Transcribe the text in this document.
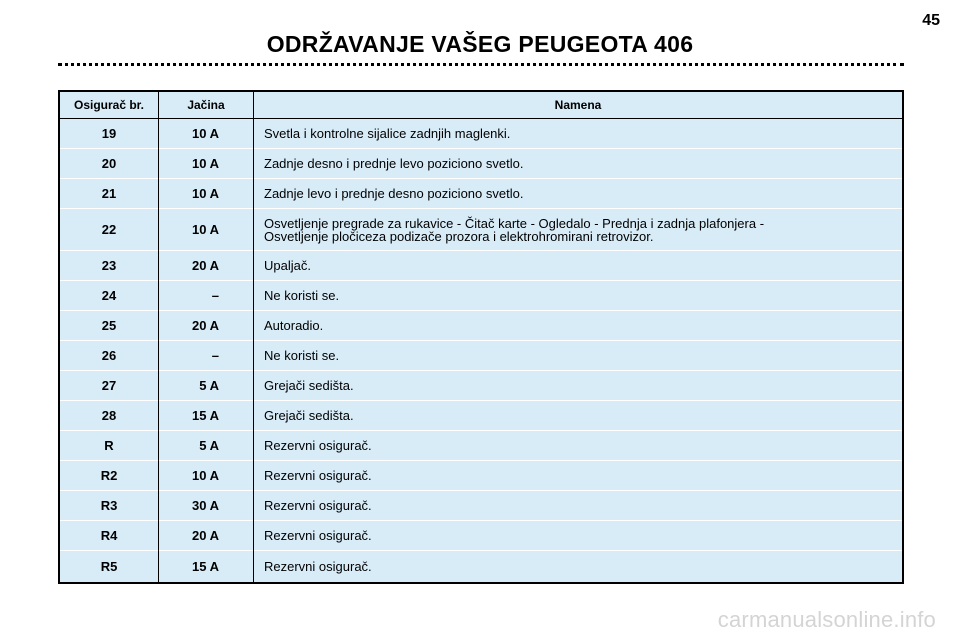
45
ODRŽAVANJE VAŠEG PEUGEOTA 406
Osigurač br.	Jačina	Namena
19	10 A	Svetla i kontrolne sijalice zadnjih maglenki.
20	10 A	Zadnje desno i prednje levo poziciono svetlo.
21	10 A	Zadnje levo i prednje desno poziciono svetlo.
22	10 A	Osvetljenje pregrade za rukavice - Čitač karte - Ogledalo - Prednja i zadnja plafonjera -
Osvetljenje pločiceza podizače prozora i elektrohromirani retrovizor.

23	20 A	Upaljač.
24	–	Ne koristi se.
25	20 A	Autoradio.
26	–	Ne koristi se.
27	5 A	Grejači sedišta.
28	15 A	Grejači sedišta.
R	5 A	Rezervni osigurač.
R2	10 A	Rezervni osigurač.
R3	30 A	Rezervni osigurač.
R4	20 A	Rezervni osigurač.
R5	15 A	Rezervni osigurač.
carmanualsonline.info
